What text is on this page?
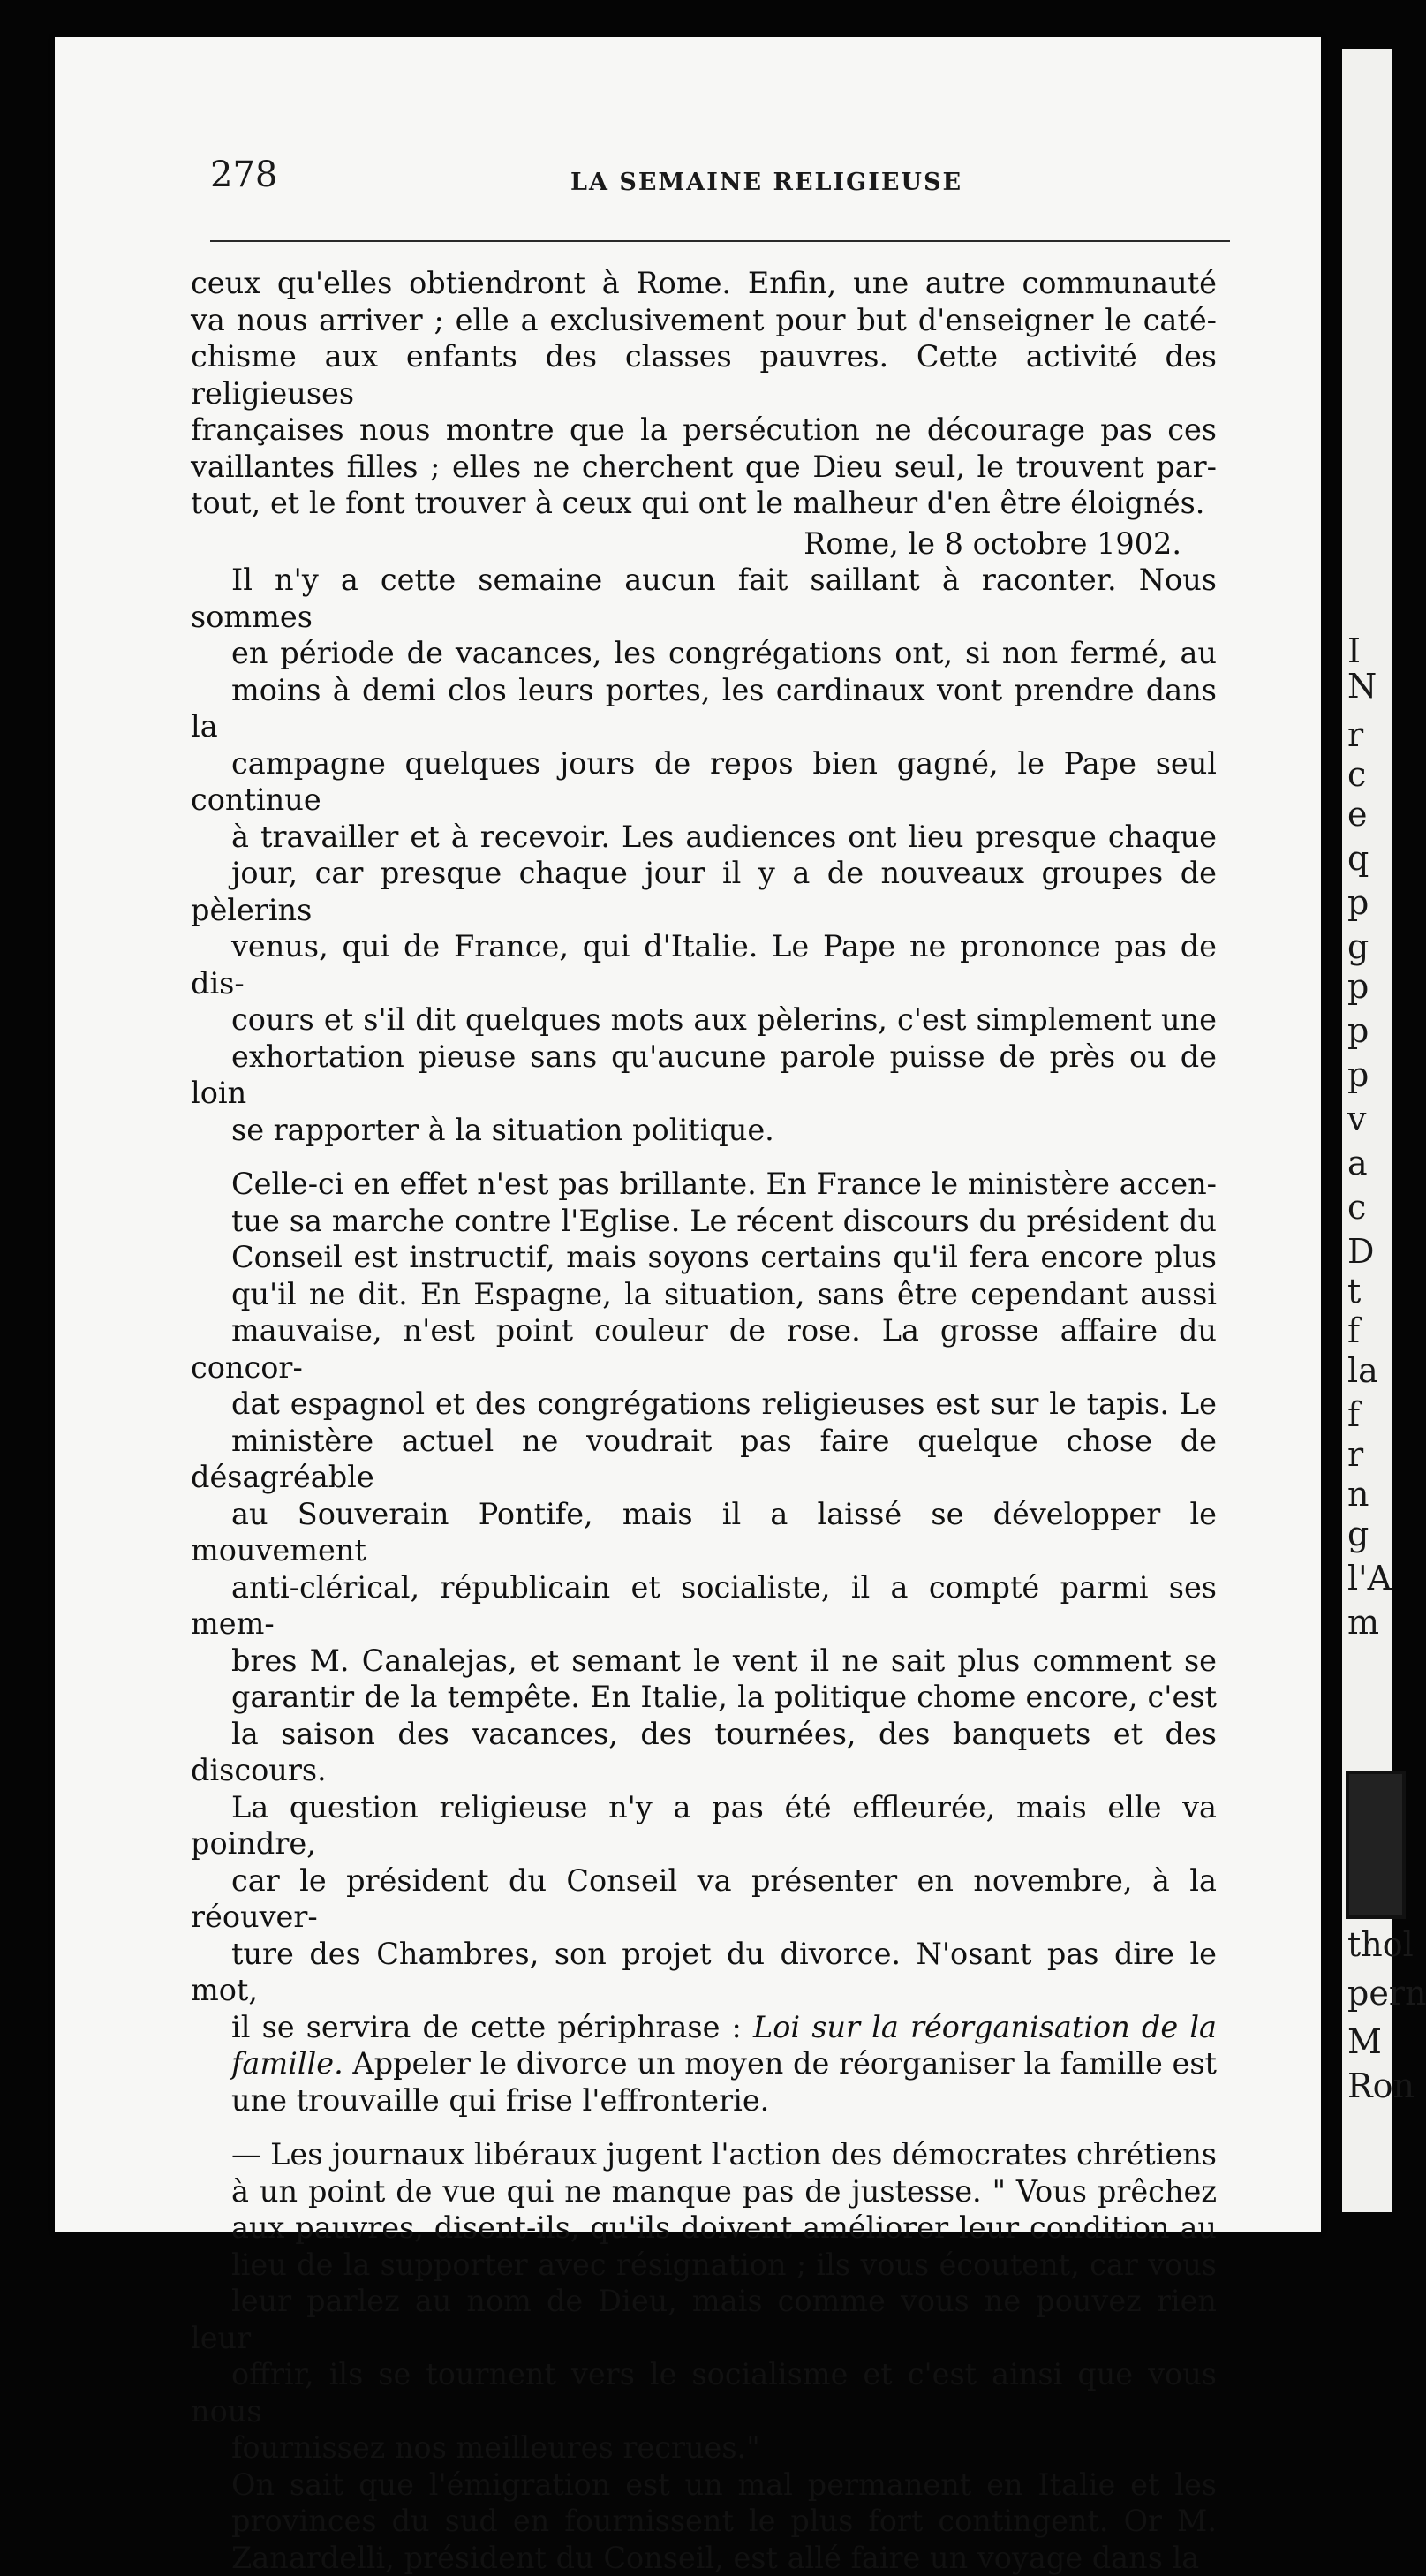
I
N
r
c
e
q
p
g
p
p
p
v
a
c
D
t
f
la
f
r
n
g
l'A
m
thol
pern
M
Ron
278	LA SEMAINE RELIGIEUSE
ceux qu'elles obtiendront à Rome. Enfin, une autre communauté
va nous arriver ; elle a exclusivement pour but d'enseigner le caté-
chisme aux enfants des classes pauvres. Cette activité des religieuses
françaises nous montre que la persécution ne décourage pas ces
vaillantes filles ; elles ne cherchent que Dieu seul, le trouvent par-
tout, et le font trouver à ceux qui ont le malheur d'en être éloignés.
Rome, le 8 octobre 1902.
Il n'y a cette semaine aucun fait saillant à raconter. Nous sommes
en période de vacances, les congrégations ont, si non fermé, au
moins à demi clos leurs portes, les cardinaux vont prendre dans la
campagne quelques jours de repos bien gagné, le Pape seul continue
à travailler et à recevoir. Les audiences ont lieu presque chaque
jour, car presque chaque jour il y a de nouveaux groupes de pèlerins
venus, qui de France, qui d'Italie. Le Pape ne prononce pas de dis-
cours et s'il dit quelques mots aux pèlerins, c'est simplement une
exhortation pieuse sans qu'aucune parole puisse de près ou de loin
se rapporter à la situation politique.
Celle-ci en effet n'est pas brillante. En France le ministère accen-
tue sa marche contre l'Eglise. Le récent discours du président du
Conseil est instructif, mais soyons certains qu'il fera encore plus
qu'il ne dit. En Espagne, la situation, sans être cependant aussi
mauvaise, n'est point couleur de rose. La grosse affaire du concor-
dat espagnol et des congrégations religieuses est sur le tapis. Le
ministère actuel ne voudrait pas faire quelque chose de désagréable
au Souverain Pontife, mais il a laissé se développer le mouvement
anti-clérical, républicain et socialiste, il a compté parmi ses mem-
bres M. Canalejas, et semant le vent il ne sait plus comment se
garantir de la tempête. En Italie, la politique chome encore, c'est
la saison des vacances, des tournées, des banquets et des discours.
La question religieuse n'y a pas été effleurée, mais elle va poindre,
car le président du Conseil va présenter en novembre, à la réouver-
ture des Chambres, son projet du divorce. N'osant pas dire le mot,
il se servira de cette périphrase : Loi sur la réorganisation de la
famille. Appeler le divorce un moyen de réorganiser la famille est
une trouvaille qui frise l'effronterie.
— Les journaux libéraux jugent l'action des démocrates chrétiens
à un point de vue qui ne manque pas de justesse. " Vous prêchez
aux pauvres, disent-ils, qu'ils doivent améliorer leur condition au
lieu de la supporter avec résignation ; ils vous écoutent, car vous
leur parlez au nom de Dieu, mais comme vous ne pouvez rien leur
offrir, ils se tournent vers le socialisme et c'est ainsi que vous nous
fournissez nos meilleures recrues."
On sait que l'émigration est un mal permanent en Italie et les
provinces du sud en fournissent le plus fort contingent. Or M.
Zanardelli, président du Conseil, est allé faire un voyage dans la
